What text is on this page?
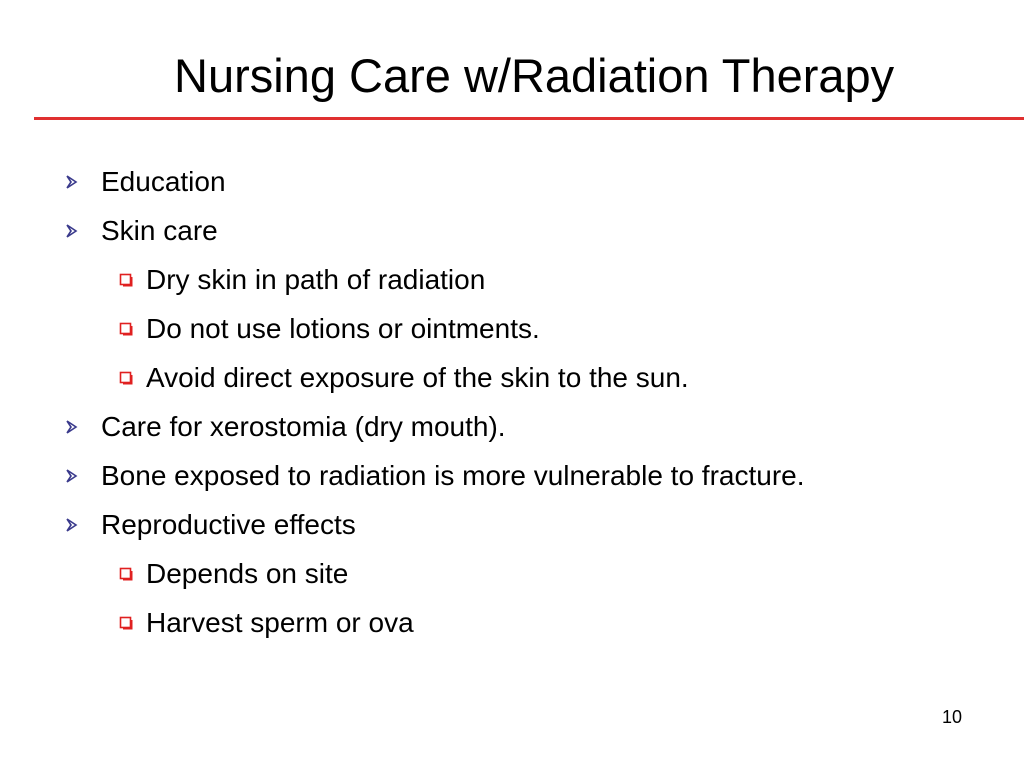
Nursing Care w/Radiation Therapy
Education
Skin care
Dry skin in path of radiation
Do not use lotions or ointments.
Avoid direct exposure of the skin to the sun.
Care for xerostomia (dry mouth).
Bone exposed to radiation is more vulnerable to fracture.
Reproductive effects
Depends on site
Harvest sperm or ova
10
